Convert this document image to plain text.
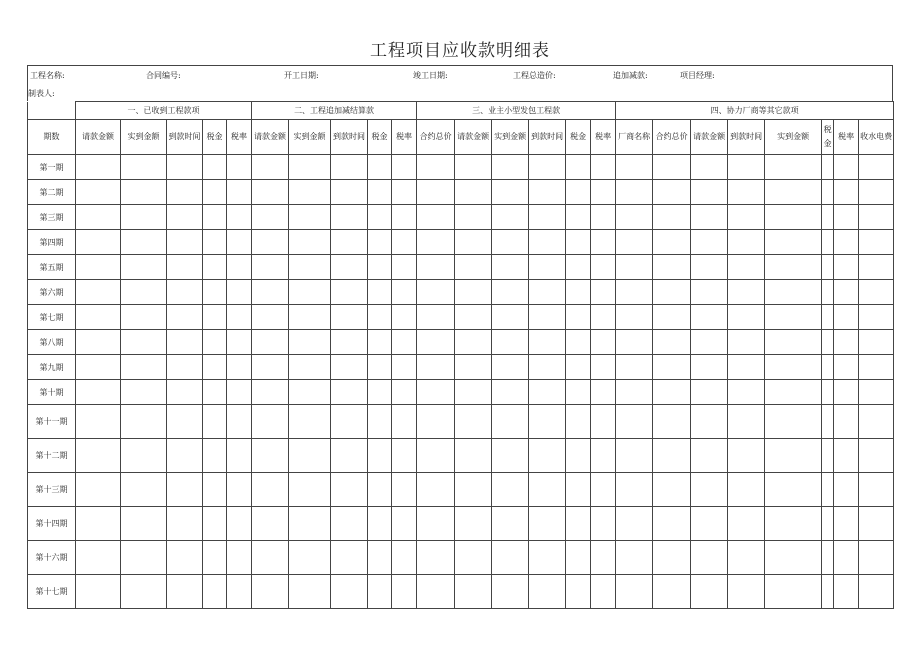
工程项目应收款明细表
工程名称:	合同编号:	开工日期:	竣工日期:	工程总造价:	追加减款:	项目经理:
制表人:
	一、已收到工程款项					二、工程追加减结算款					三、业主小型发包工程款						四、协力厂商等其它款项							
期数	请款金额	实到金额	到款时间	税金	税率	请款金额	实到金额	到款时间	税金	税率	合约总价	请款金额	实到金额	到款时间	税金	税率	厂商名称	合约总价	请款金额	到款时间	实到金额	税金	税率	收水电费
第一期																								
第二期																								
第三期																								
第四期																								
第五期																								
第六期																								
第七期																								
第八期																								
第九期																								
第十期																								
第十一期																								
第十二期																								
第十三期																								
第十四期																								
第十六期																								
第十七期																								
